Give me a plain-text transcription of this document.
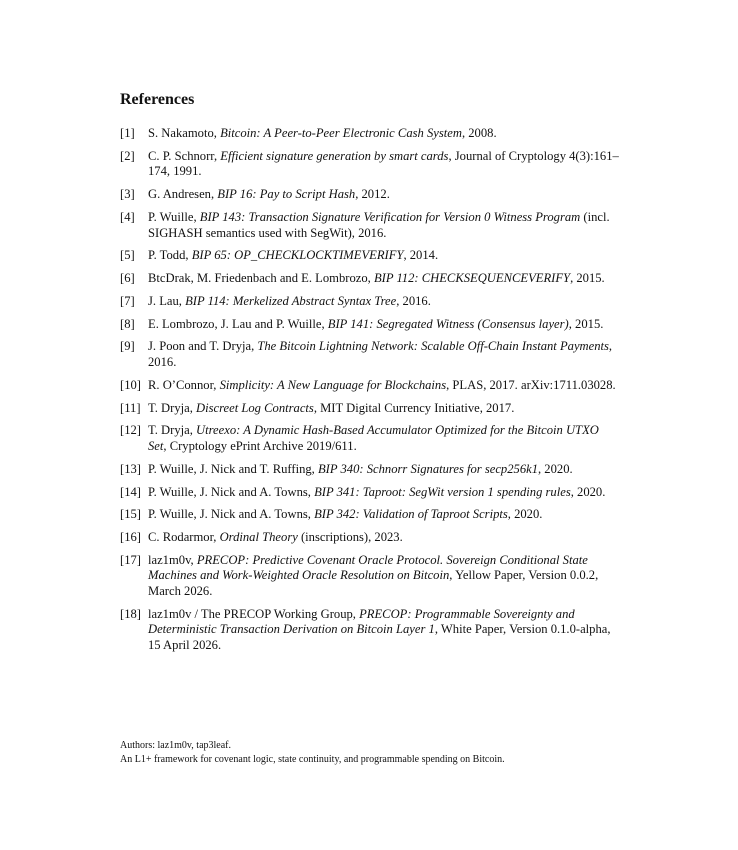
References
[1] S. Nakamoto, Bitcoin: A Peer-to-Peer Electronic Cash System, 2008.
[2] C. P. Schnorr, Efficient signature generation by smart cards, Journal of Cryptology 4(3):161–174, 1991.
[3] G. Andresen, BIP 16: Pay to Script Hash, 2012.
[4] P. Wuille, BIP 143: Transaction Signature Verification for Version 0 Witness Program (incl. SIGHASH semantics used with SegWit), 2016.
[5] P. Todd, BIP 65: OP_CHECKLOCKTIMEVERIFY, 2014.
[6] BtcDrak, M. Friedenbach and E. Lombrozo, BIP 112: CHECKSEQUENCEVERIFY, 2015.
[7] J. Lau, BIP 114: Merkelized Abstract Syntax Tree, 2016.
[8] E. Lombrozo, J. Lau and P. Wuille, BIP 141: Segregated Witness (Consensus layer), 2015.
[9] J. Poon and T. Dryja, The Bitcoin Lightning Network: Scalable Off-Chain Instant Payments, 2016.
[10] R. O’Connor, Simplicity: A New Language for Blockchains, PLAS, 2017. arXiv:1711.03028.
[11] T. Dryja, Discreet Log Contracts, MIT Digital Currency Initiative, 2017.
[12] T. Dryja, Utreexo: A Dynamic Hash-Based Accumulator Optimized for the Bitcoin UTXO Set, Cryptology ePrint Archive 2019/611.
[13] P. Wuille, J. Nick and T. Ruffing, BIP 340: Schnorr Signatures for secp256k1, 2020.
[14] P. Wuille, J. Nick and A. Towns, BIP 341: Taproot: SegWit version 1 spending rules, 2020.
[15] P. Wuille, J. Nick and A. Towns, BIP 342: Validation of Taproot Scripts, 2020.
[16] C. Rodarmor, Ordinal Theory (inscriptions), 2023.
[17] laz1m0v, PRECOP: Predictive Covenant Oracle Protocol. Sovereign Conditional State Machines and Work-Weighted Oracle Resolution on Bitcoin, Yellow Paper, Version 0.0.2, March 2026.
[18] laz1m0v / The PRECOP Working Group, PRECOP: Programmable Sovereignty and Deterministic Transaction Derivation on Bitcoin Layer 1, White Paper, Version 0.1.0-alpha, 15 April 2026.
Authors: laz1m0v, tap3leaf.
An L1+ framework for covenant logic, state continuity, and programmable spending on Bitcoin.
